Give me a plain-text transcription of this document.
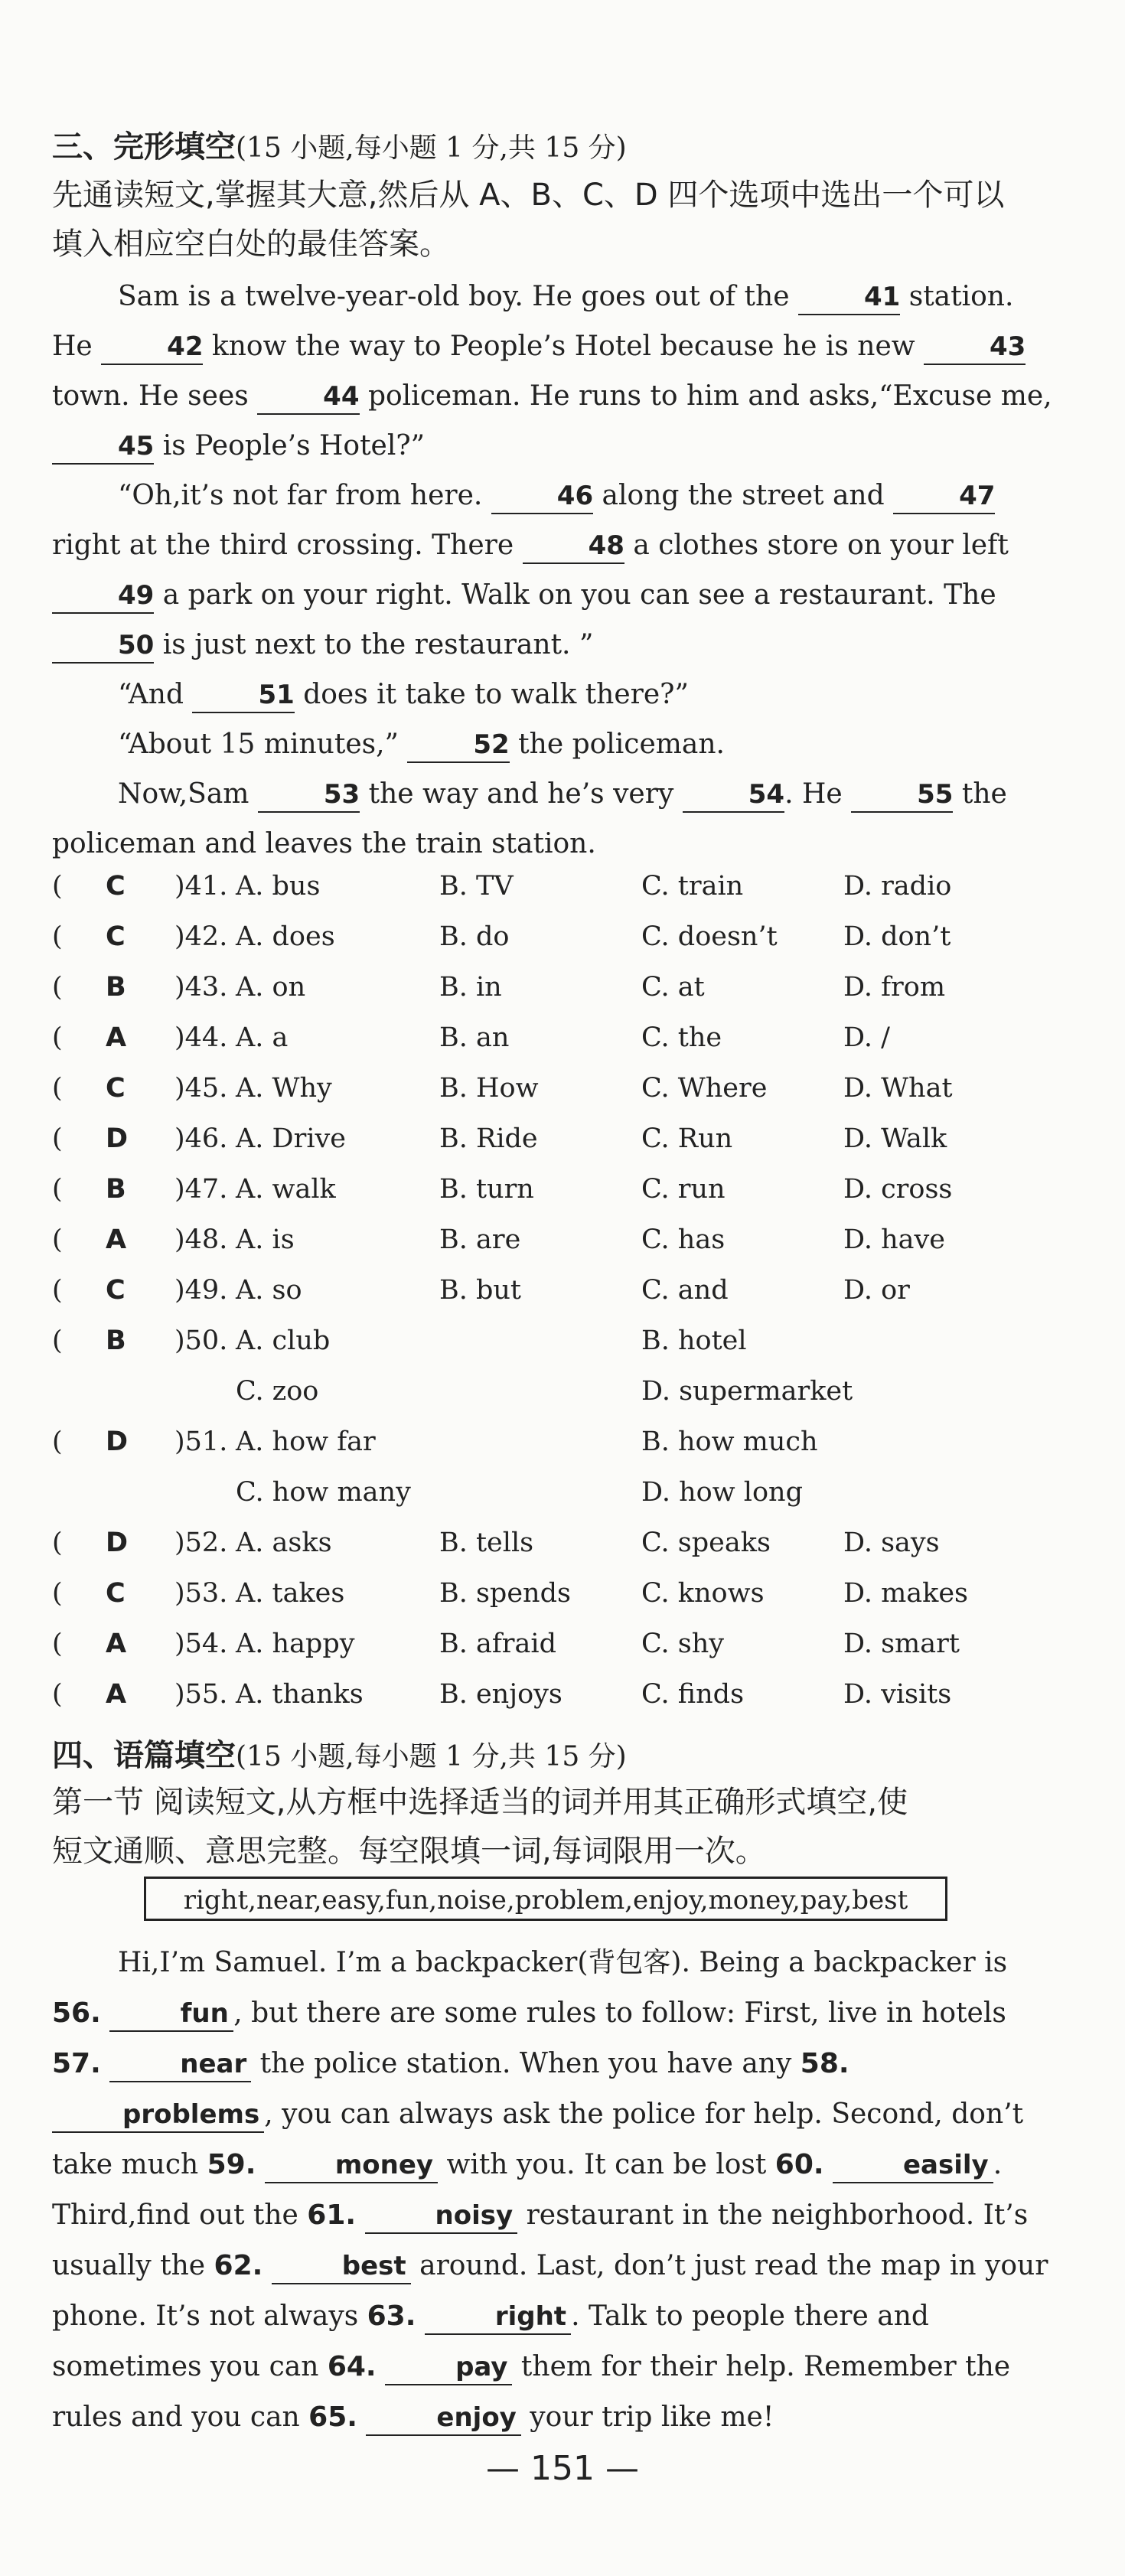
三、完形填空(15 小题,每小题 1 分,共 15 分)
先通读短文,掌握其大意,然后从 A、B、C、D 四个选项中选出一个可以
填入相应空白处的最佳答案。

Sam is a twelve-year-old boy. He goes out of the	41 station. He	42 know the way to People’s Hotel because he is new	43 town. He sees	44 policeman. He runs to him and asks,“Excuse me, 45 is People’s Hotel?”

“Oh,it’s not far from here.	46 along the street and	47 right at the third crossing. There	48 a clothes store on your left 49 a park on your right. Walk on you can see a restaurant. The 50 is just next to the restaurant. ”

“And	51 does it take to walk there?”

“About 15 minutes,”	52 the policeman.

Now,Sam	53 the way and he’s very	54. He	55 the policeman and leaves the train station.

( C )41. A. bus	B. TV	C. train	D. radio
( C )42. A. does	B. do	C. doesn’t D. don’t
( B )43. A. on	B. in	C. at	D. from
( A )44. A. a	B. an	C. the	D. /
( C )45. A. Why	B. How	C. Where	D. What
( D )46. A. Drive	B. Ride	C. Run	D. Walk
( B )47. A. walk	B. turn	C. run	D. cross
( A )48. A. is	B. are	C. has	D. have
( C )49. A. so	B. but	C. and	D. or
( B )50. A. club	B. hotel
C. zoo	D. supermarket
( D )51. A. how far	B. how much
C. how many	D. how long
( D )52. A. asks	B. tells	C. speaks	D. says
( C )53. A. takes	B. spends	C. knows	D. makes
( A )54. A. happy	B. afraid	C. shy	D. smart
( A )55. A. thanks	B. enjoys	C. finds	D. visits
四、语篇填空(15 小题,每小题 1 分,共 15 分)
第一节 阅读短文,从方框中选择适当的词并用其正确形式填空,使
短文通顺、意思完整。每空限填一词,每词限用一次。
right,near,easy,fun,noise,problem,enjoy,money,pay,best

Hi,I’m Samuel. I’m a backpacker(背包客). Being a backpacker is 56.	fun , but there are some rules to follow: First, live in hotels 57.	near the police station. When you have any 58. problems , you can always ask the police for help. Second, don’t take much 59.	money with you. It can be lost 60.	easily . Third,find out the 61.	noisy restaurant in the neighborhood. It’s usually the 62.	best around. Last, don’t just read the map in your phone. It’s not always 63.	right . Talk to people there and sometimes you can 64.	pay them for their help. Remember the rules and you can 65.	enjoy your trip like me!

— 151 —
